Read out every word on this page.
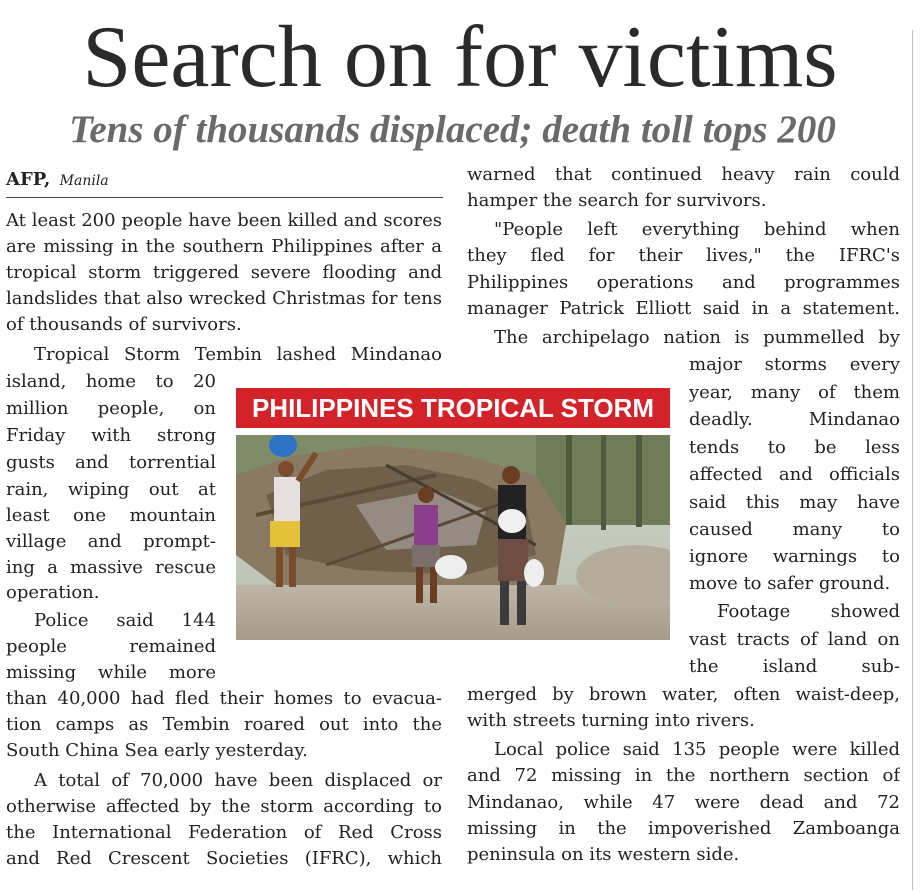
Search on for victims
Tens of thousands displaced; death toll tops 200
AFP, Manila
At least 200 people have been killed and scores
are missing in the southern Philippines after a
tropical storm triggered severe flooding and
landslides that also wrecked Christmas for tens
of thousands of survivors.
Tropical Storm Tembin lashed Mindanao
island, home to 20
million people, on
Friday with strong
gusts and torrential
rain, wiping out at
least one mountain
village and prompt-
ing a massive rescue
operation.
Police said 144
people remained
missing while more
than 40,000 had fled their homes to evacua-
tion camps as Tembin roared out into the
South China Sea early yesterday.
A total of 70,000 have been displaced or
otherwise affected by the storm according to
the International Federation of Red Cross
and Red Crescent Societies (IFRC), which
warned that continued heavy rain could
hamper the search for survivors.
"People left everything behind when
they fled for their lives," the IFRC's
Philippines operations and programmes
manager Patrick Elliott said in a statement.
The archipelago nation is pummelled by
major storms every
year, many of them
deadly. Mindanao
tends to be less
affected and officials
said this may have
caused many to
ignore warnings to
move to safer ground.
Footage showed
vast tracts of land on
the island sub-
merged by brown water, often waist-deep,
with streets turning into rivers.
Local police said 135 people were killed
and 72 missing in the northern section of
Mindanao, while 47 were dead and 72
missing in the impoverished Zamboanga
peninsula on its western side.
PHILIPPINES TROPICAL STORM
